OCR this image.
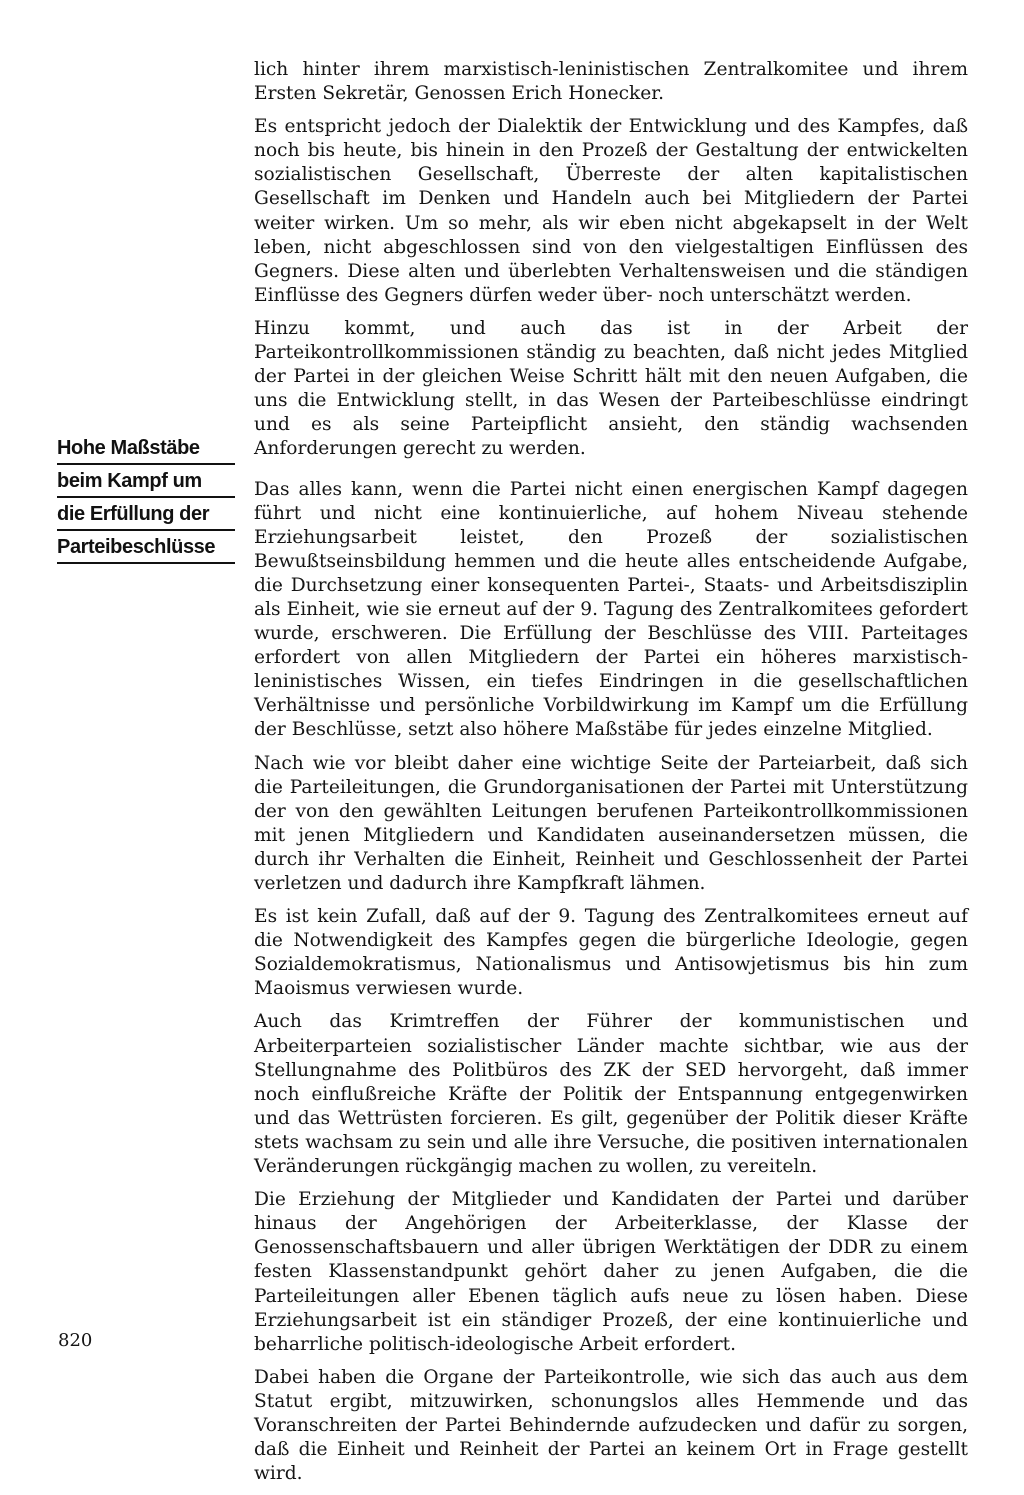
Hohe Maßstäbe
beim Kampf um
die Erfüllung der
Parteibeschlüsse

lich hinter ihrem marxistisch-leninistischen Zentralkomitee und ihrem Ersten Sekretär, Genossen Erich Honecker.

Es entspricht jedoch der Dialektik der Entwicklung und des Kampfes, daß noch bis heute, bis hinein in den Prozeß der Gestaltung der entwickelten sozialistischen Gesellschaft, Überreste der alten kapitalistischen Gesellschaft im Denken und Handeln auch bei Mitgliedern der Partei weiter wirken. Um so mehr, als wir eben nicht abgekapselt in der Welt leben, nicht abgeschlossen sind von den vielgestaltigen Einflüssen des Gegners. Diese alten und überlebten Verhaltensweisen und die ständigen Einflüsse des Gegners dürfen weder über- noch unterschätzt werden.

Hinzu kommt, und auch das ist in der Arbeit der Parteikontrollkommissionen ständig zu beachten, daß nicht jedes Mitglied der Partei in der gleichen Weise Schritt hält mit den neuen Aufgaben, die uns die Entwicklung stellt, in das Wesen der Parteibeschlüsse eindringt und es als seine Parteipflicht ansieht, den ständig wachsenden Anforderungen gerecht zu werden.

Das alles kann, wenn die Partei nicht einen energischen Kampf dagegen führt und nicht eine kontinuierliche, auf hohem Niveau stehende Erziehungsarbeit leistet, den Prozeß der sozialistischen Bewußtseinsbildung hemmen und die heute alles entscheidende Aufgabe, die Durchsetzung einer konsequenten Partei-, Staats- und Arbeitsdisziplin als Einheit, wie sie erneut auf der 9. Tagung des Zentralkomitees gefordert wurde, erschweren. Die Erfüllung der Beschlüsse des VIII. Parteitages erfordert von allen Mitgliedern der Partei ein höheres marxistisch-leninistisches Wissen, ein tiefes Eindringen in die gesellschaftlichen Verhältnisse und persönliche Vorbildwirkung im Kampf um die Erfüllung der Beschlüsse, setzt also höhere Maßstäbe für jedes einzelne Mitglied.

Nach wie vor bleibt daher eine wichtige Seite der Parteiarbeit, daß sich die Parteileitungen, die Grundorganisationen der Partei mit Unterstützung der von den gewählten Leitungen berufenen Parteikontrollkommissionen mit jenen Mitgliedern und Kandidaten auseinandersetzen müssen, die durch ihr Verhalten die Einheit, Reinheit und Geschlossenheit der Partei verletzen und dadurch ihre Kampfkraft lähmen.

Es ist kein Zufall, daß auf der 9. Tagung des Zentralkomitees erneut auf die Notwendigkeit des Kampfes gegen die bürgerliche Ideologie, gegen Sozialdemokratismus, Nationalismus und Antisowjetismus bis hin zum Maoismus verwiesen wurde.

Auch das Krimtreffen der Führer der kommunistischen und Arbeiterparteien sozialistischer Länder machte sichtbar, wie aus der Stellungnahme des Politbüros des ZK der SED hervorgeht, daß immer noch einflußreiche Kräfte der Politik der Entspannung entgegenwirken und das Wettrüsten forcieren. Es gilt, gegenüber der Politik dieser Kräfte stets wachsam zu sein und alle ihre Versuche, die positiven internationalen Veränderungen rückgängig machen zu wollen, zu vereiteln.

Die Erziehung der Mitglieder und Kandidaten der Partei und darüber hinaus der Angehörigen der Arbeiterklasse, der Klasse der Genossenschaftsbauern und aller übrigen Werktätigen der DDR zu einem festen Klassenstandpunkt gehört daher zu jenen Aufgaben, die die Parteileitungen aller Ebenen täglich aufs neue zu lösen haben. Diese Erziehungsarbeit ist ein ständiger Prozeß, der eine kontinuierliche und beharrliche politisch-ideologische Arbeit erfordert.

Dabei haben die Organe der Parteikontrolle, wie sich das auch aus dem Statut ergibt, mitzuwirken, schonungslos alles Hemmende und das Voranschreiten der Partei Behindernde aufzudecken und dafür zu sorgen, daß die Einheit und Reinheit der Partei an keinem Ort in Frage gestellt wird.

820
